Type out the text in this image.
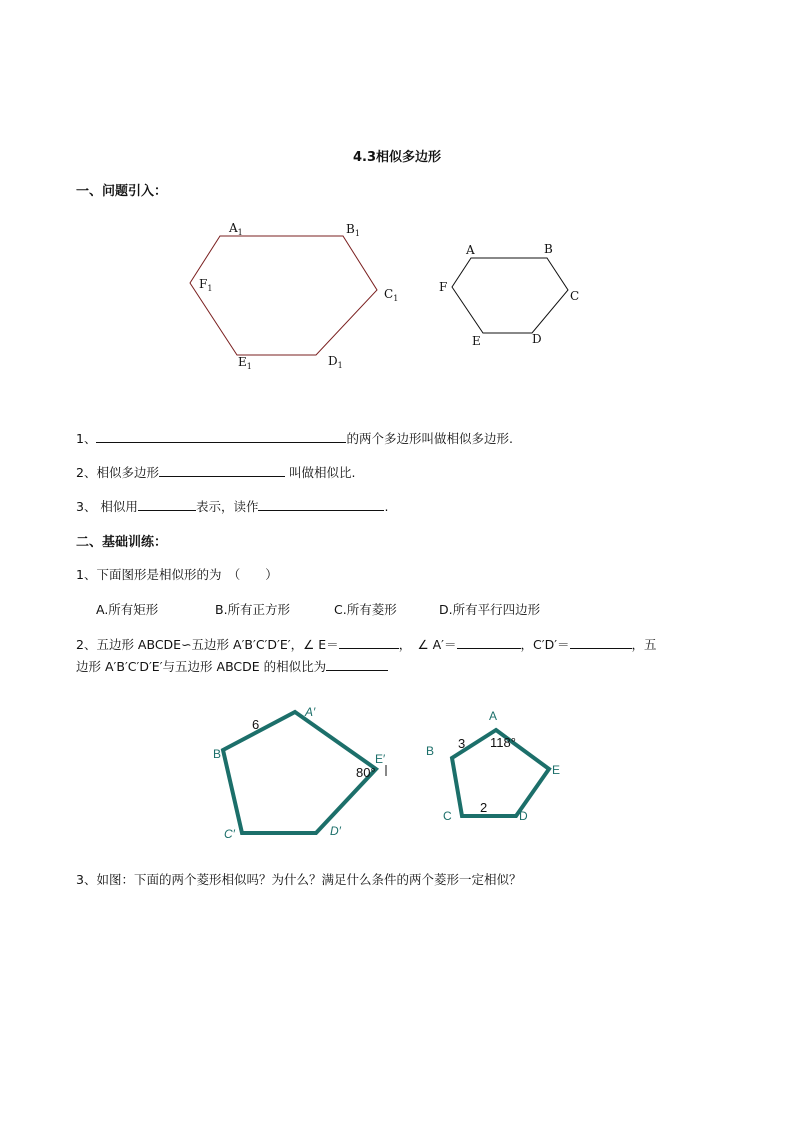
4.3相似多边形
一、问题引入：
$A_1$	$B_1$
$C_1$
$D_1$
$E_1$
$F_1$
A	B
C
D
E
F
A′
B
C′	D′
E′
6
80°
A
B
C	D
E
3 118°
2
1、	的两个多边形叫做相似多边形.
2、相似多边形	叫做相似比.
3、 相似用	表示，读作	.
二、基础训练：
1、下面图形是相似形的为　（　　）
A.所有矩形	B.所有正方形	C.所有菱形	D.所有平行四边形
2、五边形 ABCDE∽五边形 A′B′C′D′E′，∠ E＝	，　∠ A′＝	，C′D′＝	，五
边形 A′B′C′D′E′与五边形 ABCDE 的相似比为
3、如图：下面的两个菱形相似吗？为什么？满足什么条件的两个菱形一定相似？
